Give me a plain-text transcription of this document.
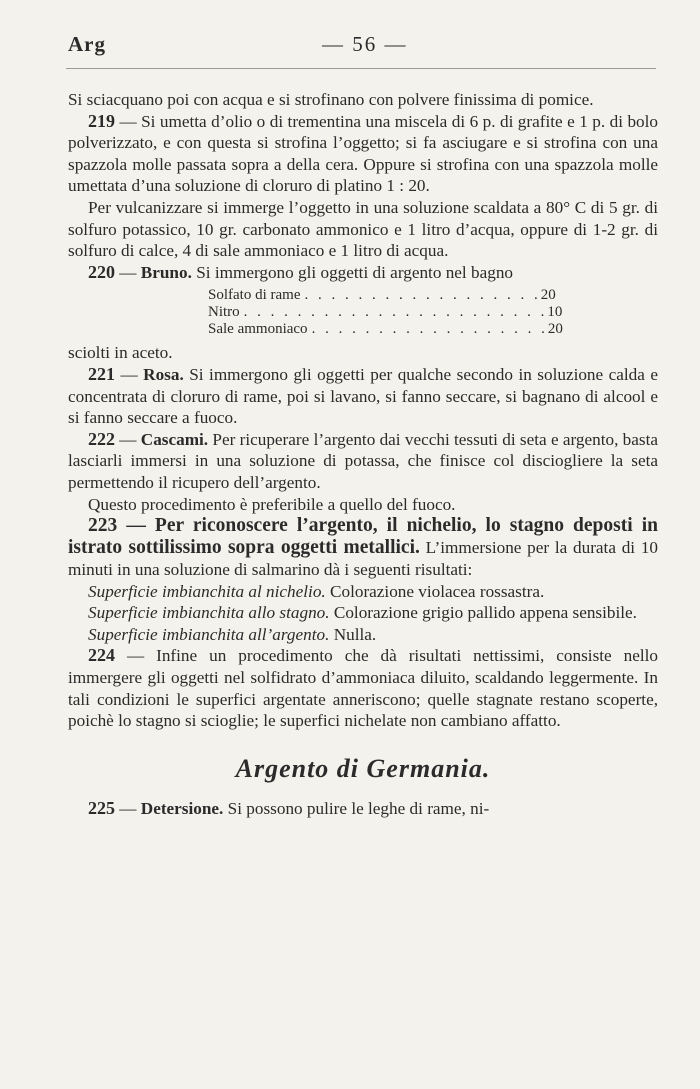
Arg	— 56 —

Si sciacquano poi con acqua e si strofinano con polvere finissima di pomice.

219 — Si umetta d’olio o di trementina una miscela di 6 p. di grafite e 1 p. di bolo polverizzato, e con questa si strofina l’oggetto; si fa asciugare e si strofina con una spazzola molle passata sopra a della cera. Oppure si strofina con una spazzola molle umettata d’una soluzione di cloruro di platino 1 : 20.

Per vulcanizzare si immerge l’oggetto in una soluzione scaldata a 80° C di 5 gr. di solfuro potassico, 10 gr. carbonato ammonico e 1 litro d’acqua, oppure di 1-2 gr. di solfuro di calce, 4 di sale ammoniaco e 1 litro di acqua.

220 — Bruno. Si immergono gli oggetti di argento nel bagno

Solfato di rame . . . . . . . . . . . . . . . . . . 20
Nitro . . . . . . . . . . . . . . . . . . . . . . . 10
Sale ammoniaco . . . . . . . . . . . . . . . . . . 20

sciolti in aceto.

221 — Rosa. Si immergono gli oggetti per qualche secondo in soluzione calda e concentrata di cloruro di rame, poi si lavano, si fanno seccare, si bagnano di alcool e si fanno seccare a fuoco.

222 — Cascami. Per ricuperare l’argento dai vecchi tessuti di seta e argento, basta lasciarli immersi in una soluzione di potassa, che finisce col disciogliere la seta permettendo il ricupero dell’argento.

Questo procedimento è preferibile a quello del fuoco.

223 — Per riconoscere l’argento, il nichelio, lo stagno deposti in istrato sottilissimo sopra oggetti metallici. L’immersione per la durata di 10 minuti in una soluzione di salmarino dà i seguenti risultati:

Superficie imbianchita al nichelio. Colorazione violacea rossastra.

Superficie imbianchita allo stagno. Colorazione grigio pallido appena sensibile.

Superficie imbianchita all’argento. Nulla.

224 — Infine un procedimento che dà risultati nettissimi, consiste nello immergere gli oggetti nel solfidrato d’ammoniaca diluito, scaldando leggermente. In tali condizioni le superfici argentate anneriscono; quelle stagnate restano scoperte, poichè lo stagno si scioglie; le superfici nichelate non cambiano affatto.

Argento di Germania.

225 — Detersione. Si possono pulire le leghe di rame, ni-
